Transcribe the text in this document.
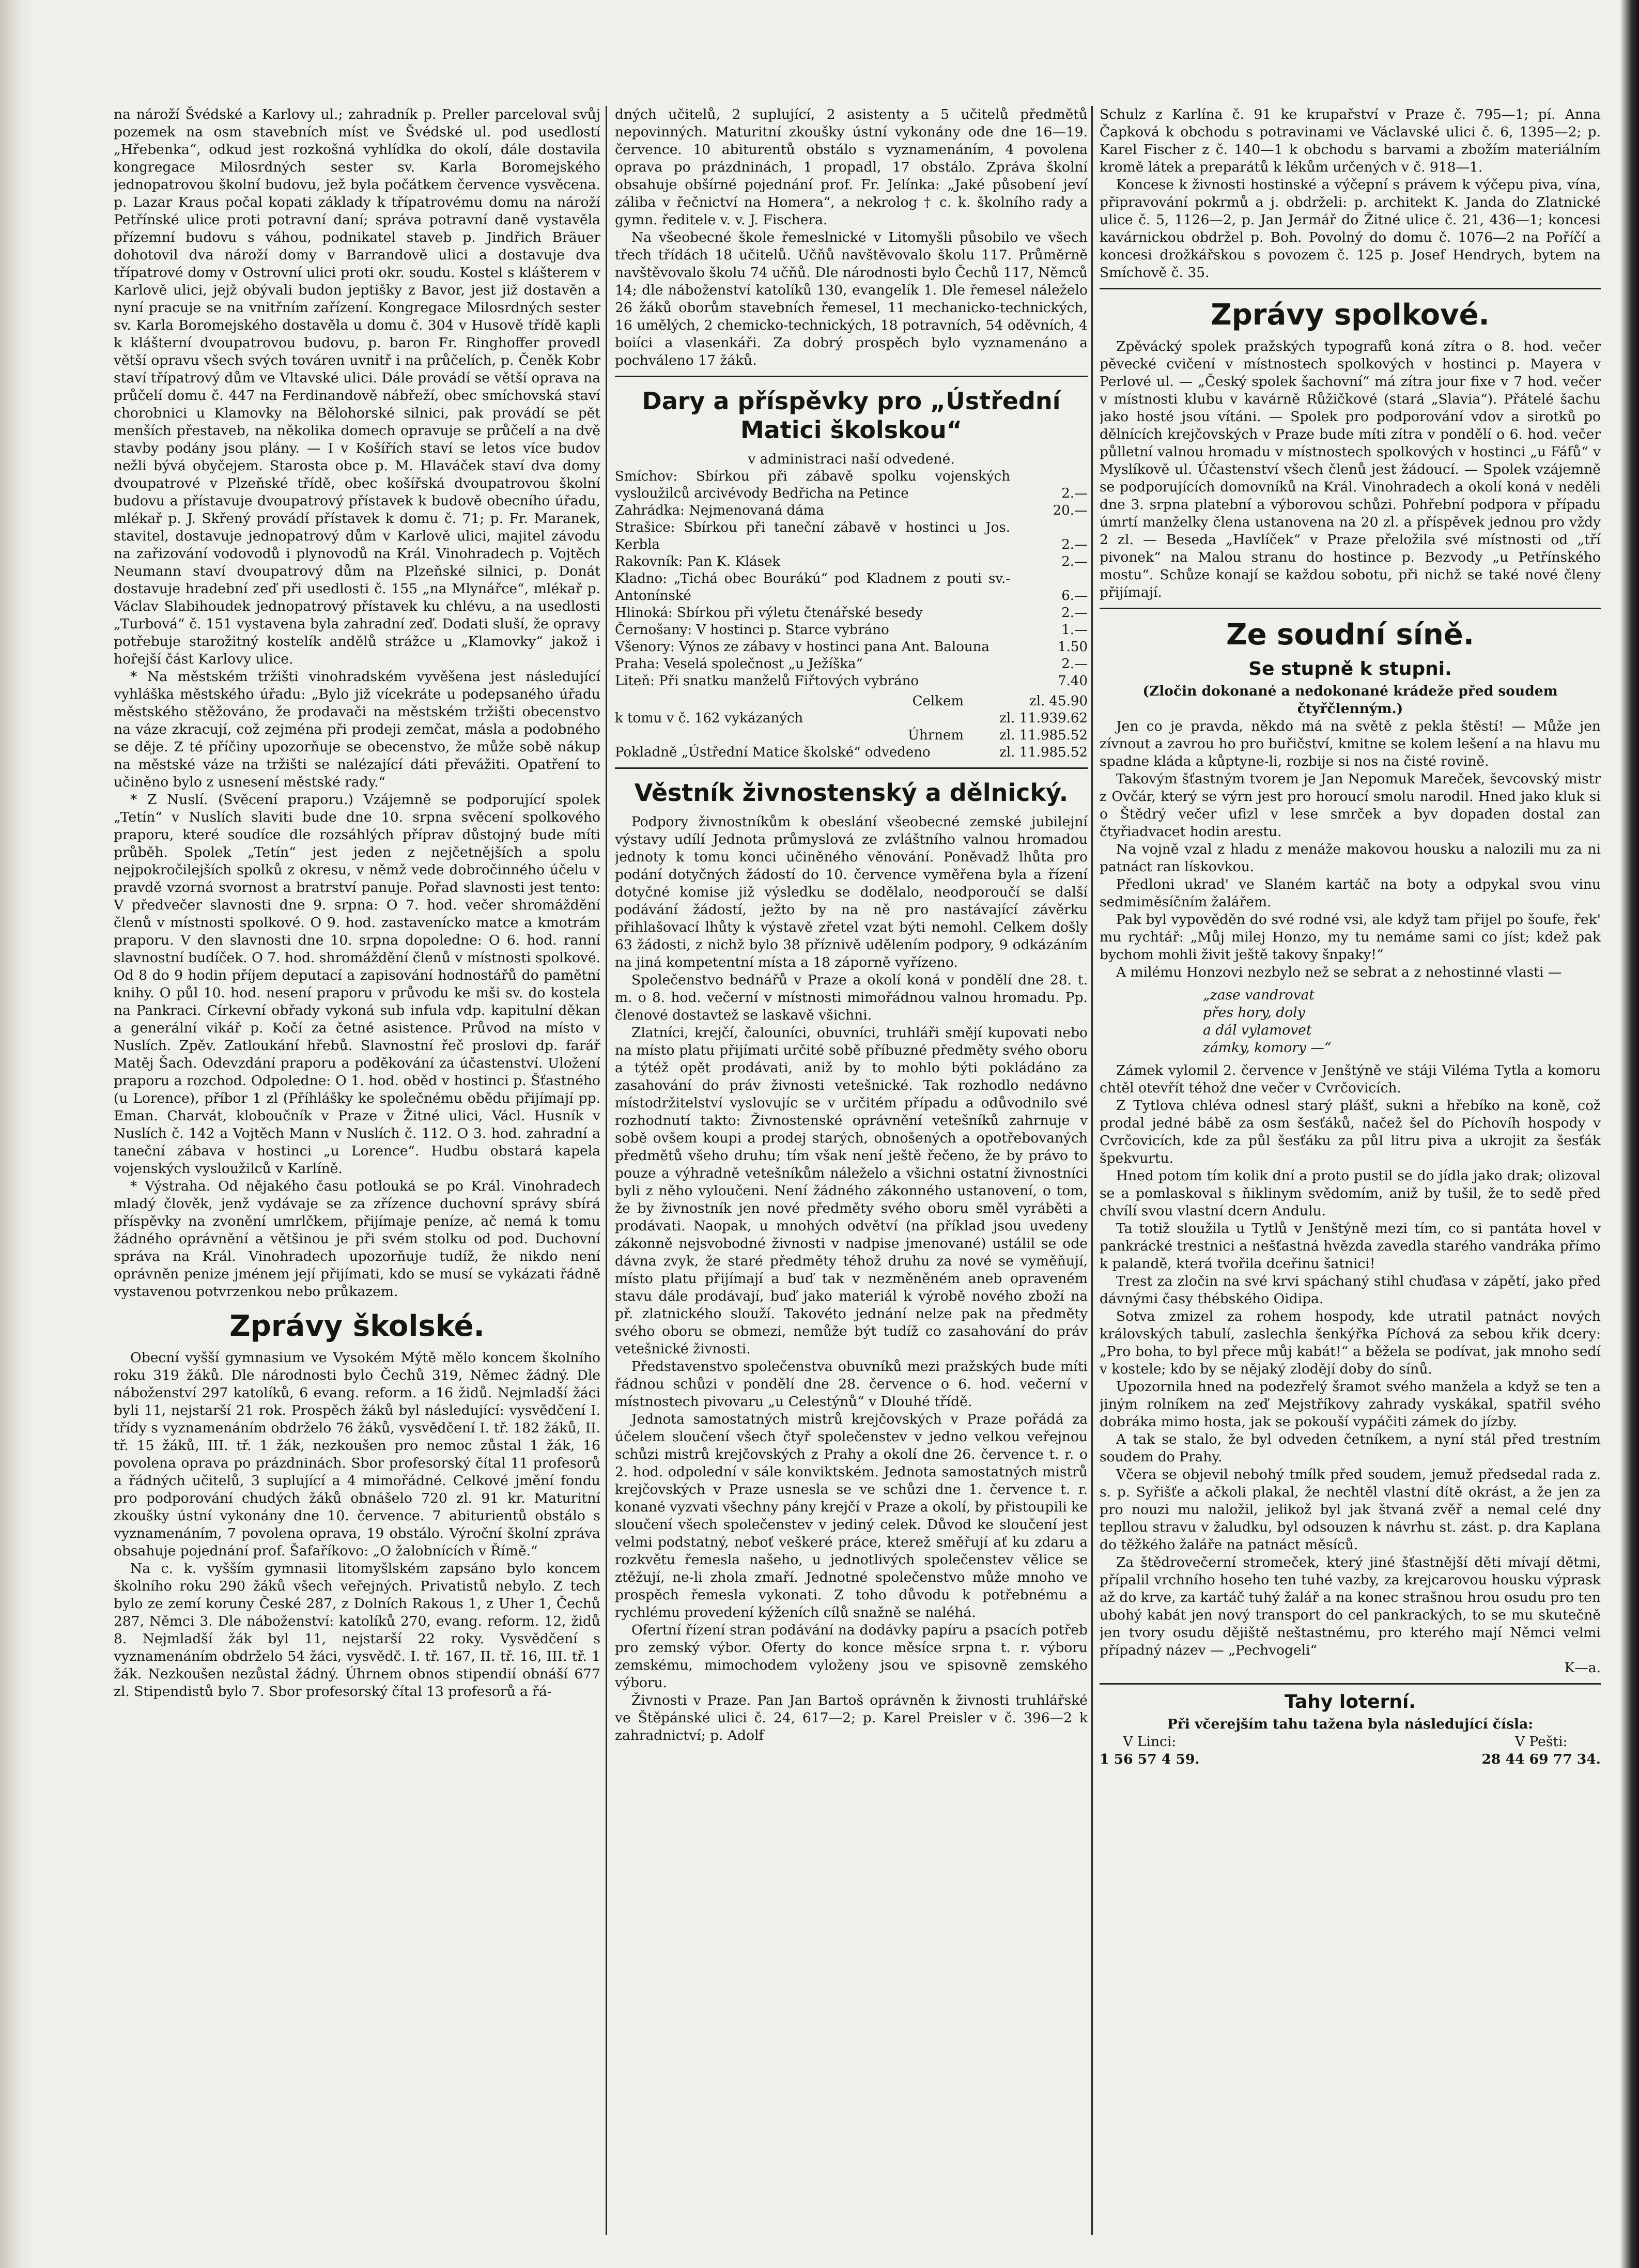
na nároží Švédské a Karlovy ul.; zahradník p. Preller parceloval svůj pozemek na osm stavebních míst ve Švédské ul. pod usedlostí „Hřebenka“, odkud jest rozkošná vyhlídka do okolí, dále dostavila kongregace Milosrdných sester sv. Karla Boromejského jednopatrovou školní budovu, jež byla počátkem července vysvěcena. p. Lazar Kraus počal kopati základy k třípatrovému domu na nároží Petřínské ulice proti potravní daní; správa potravní daně vystavěla přízemní budovu s váhou, podnikatel staveb p. Jindřich Bräuer dohotovil dva nároží domy v Barrandově ulici a dostavuje dva třípatrové domy v Ostrovní ulici proti okr. soudu. Kostel s klášterem v Karlově ulici, jejž obývali budon jeptišky z Bavor, jest již dostavěn a nyní pracuje se na vnitřním zařízení. Kongregace Milosrdných sester sv. Karla Boromejského dostavěla u domu č. 304 v Husově třídě kapli k klášterní dvoupatrovou budovu, p. baron Fr. Ringhoffer provedl větší opravu všech svých továren uvnitř i na průčelích, p. Čeněk Kobr staví třípatrový dům ve Vltavské ulici. Dále provádí se větší oprava na průčelí domu č. 447 na Ferdinandově nábřeží, obec smíchovská staví chorobnici u Klamovky na Bělohorské silnici, pak provádí se pět menších přestaveb, na několika domech opravuje se průčelí a na dvě stavby podány jsou plány. — I v Košířích staví se letos více budov nežli bývá obyčejem. Starosta obce p. M. Hlaváček staví dva domy dvoupatrové v Plzeňské třídě, obec košířská dvoupatrovou školní budovu a přístavuje dvoupatrový přístavek k budově obecního úřadu, mlékař p. J. Skřený provádí přístavek k domu č. 71; p. Fr. Maranek, stavitel, dostavuje jednopatrový dům v Karlově ulici, majitel závodu na zařizování vodovodů i plynovodů na Král. Vinohradech p. Vojtěch Neumann staví dvoupatrový dům na Plzeňské silnici, p. Donát dostavuje hradební zeď při usedlosti č. 155 „na Mlynářce“, mlékař p. Václav Slabihoudek jednopatrový přístavek ku chlévu, a na usedlosti „Turbová“ č. 151 vystavena byla zahradní zeď. Dodati sluší, že opravy potřebuje starožitný kostelík andělů strážce u „Klamovky“ jakož i hořejší část Karlovy ulice.

* Na městském tržišti vinohradském vyvěšena jest následující vyhláška městského úřadu: „Bylo již vícekráte u podepsaného úřadu městského stěžováno, že prodavači na městském tržišti obecenstvo na váze zkracují, což zejména při prodeji zemčat, másla a podobného se děje. Z té příčiny upozorňuje se obecenstvo, že může sobě nákup na městské váze na tržišti se nalézající dáti převážiti. Opatření to učiněno bylo z usnesení městské rady.“

* Z Nuslí. (Svěcení praporu.) Vzájemně se podporující spolek „Tetín“ v Nuslích slaviti bude dne 10. srpna svěcení spolkového praporu, které soudíce dle rozsáhlých příprav důstojný bude míti průběh. Spolek „Tetín“ jest jeden z nejčetnějších a spolu nejpokročilejších spolků z okresu, v němž vede dobročinného účelu v pravdě vzorná svornost a bratrství panuje. Pořad slavnosti jest tento: V předvečer slavnosti dne 9. srpna: O 7. hod. večer shromáždění členů v místnosti spolkové. O 9. hod. zastavenícko matce a kmotrám praporu. V den slavnosti dne 10. srpna dopoledne: O 6. hod. ranní slavnostní budíček. O 7. hod. shromáždění členů v místnosti spolkové. Od 8 do 9 hodin příjem deputací a zapisování hodnostářů do pamětní knihy. O půl 10. hod. nesení praporu v průvodu ke mši sv. do kostela na Pankraci. Církevní obřady vykoná sub infula vdp. kapitulní děkan a generální vikář p. Kočí za četné asistence. Průvod na místo v Nuslích. Zpěv. Zatloukání hřebů. Slavnostní řeč proslovi dp. farář Matěj Šach. Odevzdání praporu a poděkování za účastenství. Uložení praporu a rozchod. Odpoledne: O 1. hod. oběd v hostinci p. Šťastného (u Lorence), příbor 1 zl (Příhlášky ke společnému obědu přijímají pp. Eman. Charvát, kloboučník v Praze v Žitné ulici, Václ. Husník v Nuslích č. 142 a Vojtěch Mann v Nuslích č. 112. O 3. hod. zahradní a taneční zábava v hostinci „u Lorence“. Hudbu obstará kapela vojenských vysloužilců v Karlíně.

* Výstraha. Od nějakého času potlouká se po Král. Vinohradech mladý člověk, jenž vydávaje se za zřízence duchovní správy sbírá příspěvky na zvonění umrlčkem, přijímaje peníze, ač nemá k tomu žádného oprávnění a většinou je při svém stolku od pod. Duchovní správa na Král. Vinohradech upozorňuje tudíž, že nikdo není oprávněn penize jménem její přijímati, kdo se musí se vykázati řádně vystavenou potvrzenkou nebo průkazem.

Zprávy školské.

Obecní vyšší gymnasium ve Vysokém Mýtě mělo koncem školního roku 319 žáků. Dle národnosti bylo Čechů 319, Němec žádný. Dle náboženství 297 katolíků, 6 evang. reform. a 16 židů. Nejmladší žáci byli 11, nejstarší 21 rok. Prospěch žáků byl následující: vysvědčení I. třídy s vyznamenáním obdrželo 76 žáků, vysvědčení I. tř. 182 žáků, II. tř. 15 žáků, III. tř. 1 žák, nezkoušen pro nemoc zůstal 1 žák, 16 povolena oprava po prázdninách. Sbor profesorský čítal 11 profesorů a řádných učitelů, 3 suplující a 4 mimořádné. Celkové jmění fondu pro podporování chudých žáků obnášelo 720 zl. 91 kr. Maturitní zkoušky ústní vykonány dne 10. července. 7 abiturientů obstálo s vyznamenáním, 7 povolena oprava, 19 obstálo. Výroční školní zpráva obsahuje pojednání prof. Šafaříkovo: „O žalobnících v Římě.“

Na c. k. vyšším gymnasii litomyšlském zapsáno bylo koncem školního roku 290 žáků všech veřejných. Privatistů nebylo. Z tech bylo ze zemí koruny České 287, z Dolních Rakous 1, z Uher 1, Čechů 287, Němci 3. Dle náboženství: katolíků 270, evang. reform. 12, židů 8. Nejmladší žák byl 11, nejstarší 22 roky. Vysvědčení s vyznamenáním obdrželo 54 žáci, vysvědč. I. tř. 167, II. tř. 16, III. tř. 1 žák. Nezkoušen nezůstal žádný. Úhrnem obnos stipendií obnáší 677 zl. Stipendistů bylo 7. Sbor profesorský čítal 13 profesorů a řá-

dných učitelů, 2 suplující, 2 asistenty a 5 učitelů předmětů nepovinných. Maturitní zkoušky ústní vykonány ode dne 16—19. července. 10 abiturentů obstálo s vyznamenáním, 4 povolena oprava po prázdninách, 1 propadl, 17 obstálo. Zpráva školní obsahuje obšírné pojednání prof. Fr. Jelínka: „Jaké působení jeví záliba v řečnictví na Homera“, a nekrolog † c. k. školního rady a gymn. ředitele v. v. J. Fischera.

Na všeobecné škole řemeslnické v Litomyšli působilo ve všech třech třídách 18 učitelů. Učňů navštěvovalo školu 117. Průměrně navštěvovalo školu 74 učňů. Dle národnosti bylo Čechů 117, Němců 14; dle náboženství katolíků 130, evangelík 1. Dle řemesel náleželo 26 žáků oborům stavebních řemesel, 11 mechanicko-technických, 16 umělých, 2 chemicko-technických, 18 potravních, 54 oděvních, 4 boiíci a vlasenkáři. Za dobrý prospěch bylo vyznamenáno a pochváleno 17 žáků.

Dary a příspěvky pro „Ústřední Matici školskou“

v administraci naší odvedené.

Smíchov: Sbírkou při zábavě spolku vojenských vysloužilců arcivévody Bedřicha na Petince	2.—
Zahrádka: Nejmenovaná dáma	20.—
Strašice: Sbírkou při taneční zábavě v hostinci u Jos. Kerbla	2.—
Rakovník: Pan K. Klásek	2.—
Kladno: „Tichá obec Bourákú“ pod Kladnem z pouti sv.-Antonínské	6.—
Hlinoká: Sbírkou při výletu čtenářské besedy	2.—
Černošany: V hostinci p. Starce vybráno	1.—
Všenory: Výnos ze zábavy v hostinci pana Ant. Balouna	1.50
Praha: Veselá společnost „u Ježíška“	2.—
Liteň: Při snatku manželů Fiřtových vybráno	7.40
Celkem	zl. 45.90
k tomu v č. 162 vykázaných	zl. 11.939.62
Úhrnem	zl. 11.985.52
Pokladně „Ústřední Matice školské“ odvedeno	zl. 11.985.52
Věstník živnostenský a dělnický.

Podpory živnostníkům k obeslání všeobecné zemské jubilejní výstavy udílí Jednota průmyslová ze zvláštního valnou hromadou jednoty k tomu konci učiněného věnování. Poněvadž lhůta pro podání dotyčných žádostí do 10. července vyměřena byla a řízení dotyčné komise již výsledku se dodělalo, neodporoučí se další podávání žádostí, ježto by na ně pro nastávající závěrku přihlašovací lhůty k výstavě zřetel vzat býti nemohl. Celkem došly 63 žádosti, z nichž bylo 38 příznivě udělením podpory, 9 odkázáním na jiná kompetentní místa a 18 záporně vyřízeno.

Společenstvo bednářů v Praze a okolí koná v pondělí dne 28. t. m. o 8. hod. večerní v místnosti mimořádnou valnou hromadu. Pp. členové dostavtež se laskavě všichni.

Zlatníci, krejčí, čalouníci, obuvníci, truhláři smějí kupovati nebo na místo platu přijímati určité sobě příbuzné předměty svého oboru a týtéž opět prodávati, aniž by to mohlo býti pokládáno za zasahování do práv živnosti vetešnické. Tak rozhodlo nedávno místodržitelství vyslovujíc se v určitém případu a odůvodnilo své rozhodnutí takto: Živnostenské oprávnění vetešníků zahrnuje v sobě ovšem koupi a prodej starých, obnošených a opotřebovaných předmětů všeho druhu; tím však není ještě řečeno, že by právo to pouze a výhradně vetešníkům náleželo a všichni ostatní živnostníci byli z něho vyloučeni. Není žádného zákonného ustanovení, o tom, že by živnostník jen nové předměty svého oboru směl vyráběti a prodávati. Naopak, u mnohých odvětví (na příklad jsou uvedeny zákonně nejsvobodné živnosti v nadpise jmenované) ustálil se ode dávna zvyk, že staré předměty téhož druhu za nové se vyměňují, místo platu přijímají a buď tak v nezměněném aneb opraveném stavu dále prodávají, buď jako materiál k výrobě nového zboží na př. zlatnického slouží. Takovéto jednání nelze pak na předměty svého oboru se obmezi, nemůže být tudíž co zasahování do práv vetešnické živnosti.

Představenstvo společenstva obuvníků mezi pražských bude míti řádnou schůzi v pondělí dne 28. července o 6. hod. večerní v místnostech pivovaru „u Celestýnů“ v Dlouhé třídě.

Jednota samostatných mistrů krejčovských v Praze pořádá za účelem sloučení všech čtyř společenstev v jedno velkou veřejnou schůzi mistrů krejčovských z Prahy a okolí dne 26. července t. r. o 2. hod. odpolední v sále konviktském. Jednota samostatných mistrů krejčovských v Praze usnesla se ve schůzi dne 1. července t. r. konané vyzvati všechny pány krejčí v Praze a okolí, by přistoupili ke sloučení všech společenstev v jediný celek. Důvod ke sloučení jest velmi podstatný, neboť veškeré práce, kterež směřují ať ku zdaru a rozkvětu řemesla našeho, u jednotlivých společenstev vělice se ztěžují, ne-li zhola zmaří. Jednotné společenstvo může mnoho ve prospěch řemesla vykonati. Z toho důvodu k potřebnému a rychlému provedení kýženích cílů snažně se naléhá.

Ofertní řízení stran podávání na dodávky papíru a psacích potřeb pro zemský výbor. Oferty do konce měsíce srpna t. r. výboru zemskému, mimochodem vyloženy jsou ve spisovně zemského výboru.

Živnosti v Praze. Pan Jan Bartoš oprávněn k živnosti truhlářské ve Štěpánské ulici č. 24, 617—2; p. Karel Preisler v č. 396—2 k zahradnictví; p. Adolf

Schulz z Karlína č. 91 ke krupařství v Praze č. 795—1; pí. Anna Čapková k obchodu s potravinami ve Václavské ulici č. 6, 1395—2; p. Karel Fischer z č. 140—1 k obchodu s barvami a zbožím materiálním kromě látek a preparátů k lékům určených v č. 918—1.

Koncese k živnosti hostinské a výčepní s právem k výčepu piva, vína, připravování pokrmů a j. obdrželi: p. architekt K. Janda do Zlatnické ulice č. 5, 1126—2, p. Jan Jermář do Žitné ulice č. 21, 436—1; koncesi kavárnickou obdržel p. Boh. Povolný do domu č. 1076—2 na Poříčí a koncesi drožkářskou s povozem č. 125 p. Josef Hendrych, bytem na Smíchově č. 35.

Zprávy spolkové.

Zpěvácký spolek pražských typografů koná zítra o 8. hod. večer pěvecké cvičení v místnostech spolkových v hostinci p. Mayera v Perlové ul. — „Český spolek šachovní“ má zítra jour fixe v 7 hod. večer v místnosti klubu v kavárně Růžičkové (stará „Slavia“). Přátelé šachu jako hosté jsou vítáni. — Spolek pro podporování vdov a sirotků po dělnících krejčovských v Praze bude míti zítra v pondělí o 6. hod. večer půlletní valnou hromadu v místnostech spolkových v hostinci „u Fáfů“ v Myslíkově ul. Účastenství všech členů jest žádoucí. — Spolek vzájemně se podporujících domovníků na Král. Vinohradech a okolí koná v neděli dne 3. srpna platební a výborovou schůzi. Pohřební podpora v případu úmrtí manželky člena ustanovena na 20 zl. a příspěvek jednou pro vždy 2 zl. — Beseda „Havlíček“ v Praze přeložila své místnosti od „tří pivonek“ na Malou stranu do hostince p. Bezvody „u Petřínského mostu“. Schůze konají se každou sobotu, při nichž se také nové členy přijímají.

Ze soudní síně.
Se stupně k stupni.

(Zločin dokonané a nedokonané krádeže před soudem čtyřčlenným.)

Jen co je pravda, někdo má na světě z pekla štěstí! — Může jen zívnout a zavrou ho pro buřičství, kmitne se kolem lešení a na hlavu mu spadne kláda a kůptyne-li, rozbije si nos na čisté rovině.

Takovým šťastným tvorem je Jan Nepomuk Mareček, ševcovský mistr z Ovčár, který se výrn jest pro horoucí smolu narodil. Hned jako kluk si o Štědrý večer ufizl v lese smrček a byv dopaden dostal zan čtyřiadvacet hodin arestu.

Na vojně vzal z hladu z menáže makovou housku a nalozili mu za ni patnáct ran lískovkou.

Předloni ukrad' ve Slaném kartáč na boty a odpykal svou vinu sedmiměsíčním žalářem.

Pak byl vypověděn do své rodné vsi, ale když tam přijel po šoufe, řek' mu rychtář: „Můj milej Honzo, my tu nemáme sami co jíst; kdež pak bychom mohli živit ještě takovy šnpaky!“

A milému Honzovi nezbylo než se sebrat a z nehostinné vlasti —

„zase vandrovat
přes hory, doly
a dál vylamovet
zámky, komory —“

Zámek vylomil 2. července v Jenštýně ve stáji Viléma Tytla a komoru chtěl otevřít téhož dne večer v Cvrčovicích.

Z Tytlova chléva odnesl starý plášť, sukni a hřebíko na koně, což prodal jedné bábě za osm šesťáků, načež šel do Píchovíh hospody v Cvrčovicích, kde za půl šesťáku za půl litru piva a ukrojit za šesťák špekvurtu.

Hned potom tím kolik dní a proto pustil se do jídla jako drak; olizoval se a pomlaskoval s ňiklinym svědomím, aniž by tušil, že to sedě před chvílí svou vlastní dcern Andulu.

Ta totiž sloužila u Tytlů v Jenštýně mezi tím, co si pantáta hovel v pankrácké trestnici a nešťastná hvězda zavedla starého vandráka přímo k palandě, která tvořila dceřinu šatnici!

Trest za zločin na své krvi spáchaný stihl chuďasa v zápětí, jako před dávnými časy thébského Oidipa.

Sotva zmizel za rohem hospody, kde utratil patnáct nových královských tabulí, zaslechla šenkýřka Píchová za sebou křik dcery: „Pro boha, to byl přece můj kabát!“ a běžela se podívat, jak mnoho sedí v kostele; kdo by se nějaký zlodějí doby do sínů.

Upozornila hned na podezřelý šramot svého manžela a když se ten a jiným rolníkem na zeď Mejstříkovy zahrady vyskákal, spatřil svého dobráka mimo hosta, jak se pokouší vypáčiti zámek do jízby.

A tak se stalo, že byl odveden četníkem, a nyní stál před trestním soudem do Prahy.

Včera se objevil nebohý tmílk před soudem, jemuž předsedal rada z. s. p. Syřišťe a ačkoli plakal, že nechtěl vlastní dítě okrást, a že jen za pro nouzi mu naložil, jelikož byl jak štvaná zvěř a nemal celé dny tepllou stravu v žaludku, byl odsouzen k návrhu st. zást. p. dra Kaplana do těžkého žaláře na patnáct měsíců.

Za štědrovečerní stromeček, který jiné šťastnější děti mívají dětmi, přípalil vrchního hoseho ten tuhé vazby, za krejcarovou housku výprask až do krve, za kartáč tuhý žalář a na konec strašnou hrou osudu pro ten ubohý kabát jen nový transport do cel pankrackých, to se mu skutečně jen tvory osudu dějiště neštastnému, pro kterého mají Němci velmi případný název — „Pechvogeli“

K—a.

Tahy loterní.

Při včerejším tahu tažena byla následující čísla:

V Linci:
1 56 57 4 59.
V Pešti:
28 44 69 77 34.
